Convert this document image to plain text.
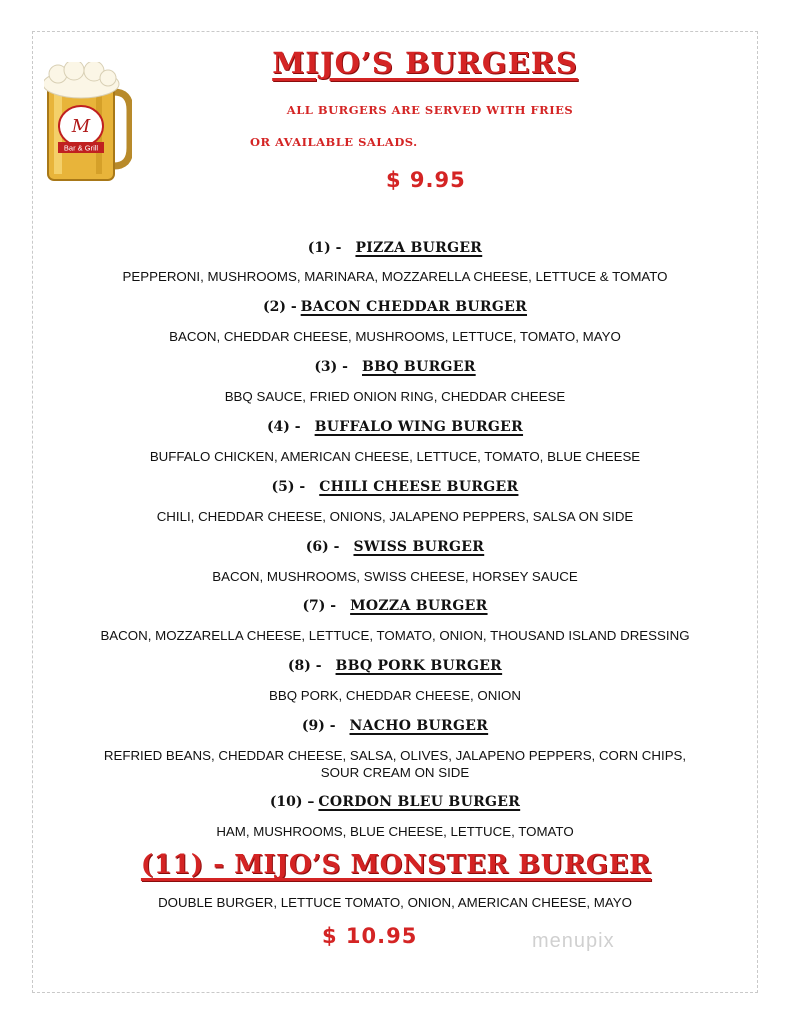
M
Bar & Grill
MIJO’S BURGERS
ALL BURGERS ARE SERVED WITH FRIES
OR AVAILABLE SALADS.
$ 9.95
(1) - PIZZA BURGER
PEPPERONI, MUSHROOMS, MARINARA, MOZZARELLA CHEESE, LETTUCE & TOMATO
(2) - BACON CHEDDAR BURGER
BACON, CHEDDAR CHEESE, MUSHROOMS, LETTUCE, TOMATO, MAYO
(3) - BBQ BURGER
BBQ SAUCE, FRIED ONION RING, CHEDDAR CHEESE
(4) - BUFFALO WING BURGER
BUFFALO CHICKEN, AMERICAN CHEESE, LETTUCE, TOMATO, BLUE CHEESE
(5) - CHILI CHEESE BURGER
CHILI, CHEDDAR CHEESE, ONIONS, JALAPENO PEPPERS, SALSA ON SIDE
(6) - SWISS BURGER
BACON, MUSHROOMS, SWISS CHEESE, HORSEY SAUCE
(7) - MOZZA BURGER
BACON, MOZZARELLA CHEESE, LETTUCE, TOMATO, ONION, THOUSAND ISLAND DRESSING
(8) - BBQ PORK BURGER
BBQ PORK, CHEDDAR CHEESE, ONION
(9) - NACHO BURGER
REFRIED BEANS, CHEDDAR CHEESE, SALSA, OLIVES, JALAPENO PEPPERS, CORN CHIPS,
SOUR CREAM ON SIDE
(10) – CORDON BLEU BURGER
HAM, MUSHROOMS, BLUE CHEESE, LETTUCE, TOMATO
(11) - MIJO’S MONSTER BURGER
DOUBLE BURGER, LETTUCE TOMATO, ONION, AMERICAN CHEESE, MAYO
$ 10.95	menupix
